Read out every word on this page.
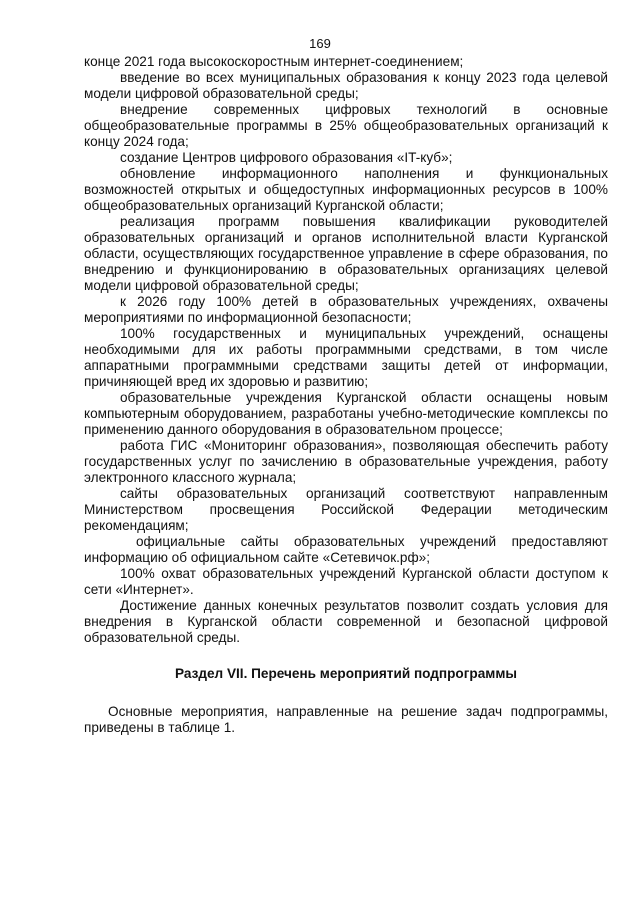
169

конце 2021 года высокоскоростным интернет-соединением;

введение во всех муниципальных образования к концу 2023 года целевой модели цифровой образовательной среды;

внедрение современных цифровых технологий в основные общеобразовательные программы в 25% общеобразовательных организаций к концу 2024 года;

создание Центров цифрового образования «IT-куб»;

обновление информационного наполнения и функциональных возможностей открытых и общедоступных информационных ресурсов в 100% общеобразовательных организаций Курганской области;

реализация программ повышения квалификации руководителей образовательных организаций и органов исполнительной власти Курганской области, осуществляющих государственное управление в сфере образования, по внедрению и функционированию в образовательных организациях целевой модели цифровой образовательной среды;

к 2026 году 100% детей в образовательных учреждениях, охвачены мероприятиями по информационной безопасности;

100% государственных и муниципальных учреждений, оснащены необходимыми для их работы программными средствами, в том числе аппаратными программными средствами защиты детей от информации, причиняющей вред их здоровью и развитию;

образовательные учреждения Курганской области оснащены новым компьютерным оборудованием, разработаны учебно-методические комплексы по применению данного оборудования в образовательном процессе;

работа ГИС «Мониторинг образования», позволяющая обеспечить работу государственных услуг по зачислению в образовательные учреждения, работу электронного классного журнала;

сайты образовательных организаций соответствуют направленным Министерством просвещения Российской Федерации методическим рекомендациям;

официальные сайты образовательных учреждений предоставляют информацию об официальном сайте «Сетевичок.рф»;

100% охват образовательных учреждений Курганской области доступом к сети «Интернет».

Достижение данных конечных результатов позволит создать условия для внедрения в Курганской области современной и безопасной цифровой образовательной среды.

Раздел VII. Перечень мероприятий подпрограммы

Основные мероприятия, направленные на решение задач подпрограммы, приведены в таблице 1.
